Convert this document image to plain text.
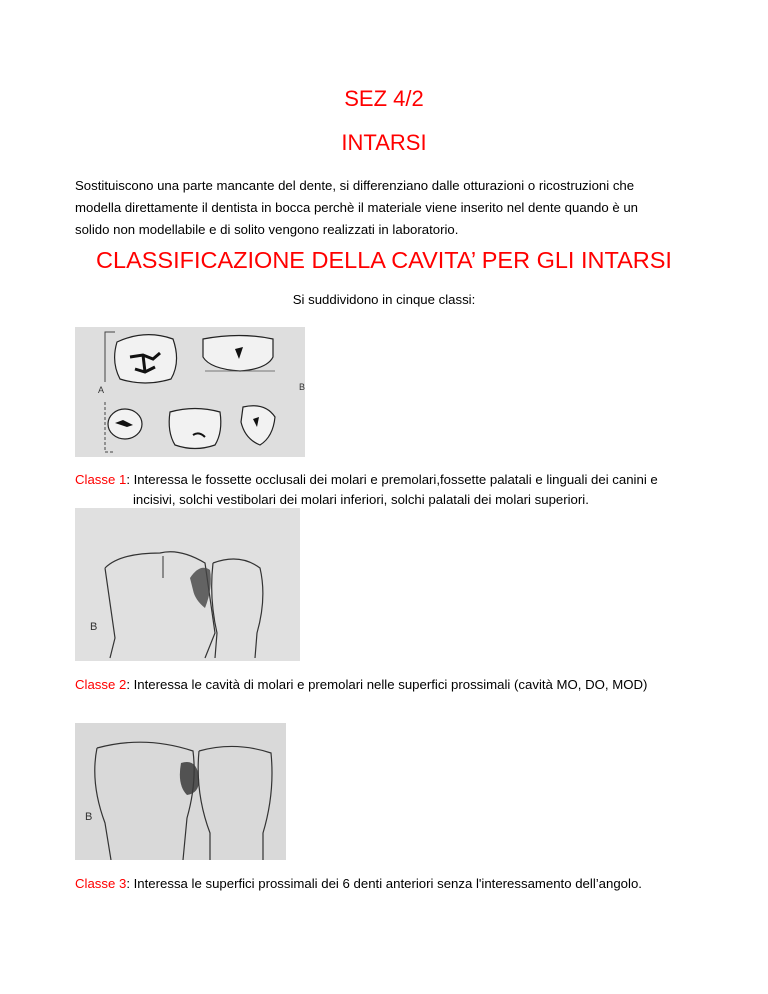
SEZ 4/2
INTARSI
Sostituiscono una parte mancante del dente, si differenziano dalle otturazioni o ricostruzioni che
modella direttamente il dentista in bocca perchè il materiale viene inserito nel dente quando è un
solido non modellabile e di solito vengono realizzati in laboratorio.
CLASSIFICAZIONE DELLA CAVITA’ PER GLI INTARSI
Si suddividono in cinque classi:
A	B
Classe 1: Interessa le fossette occlusali dei molari e premolari,fossette palatali e linguali dei canini e
incisivi, solchi vestibolari dei molari inferiori, solchi palatali dei molari superiori.
B
Classe 2: Interessa le cavità di molari e premolari nelle superfici prossimali (cavità MO, DO, MOD)
B
Classe 3: Interessa le superfici prossimali dei 6 denti anteriori senza l'interessamento dell’angolo.
